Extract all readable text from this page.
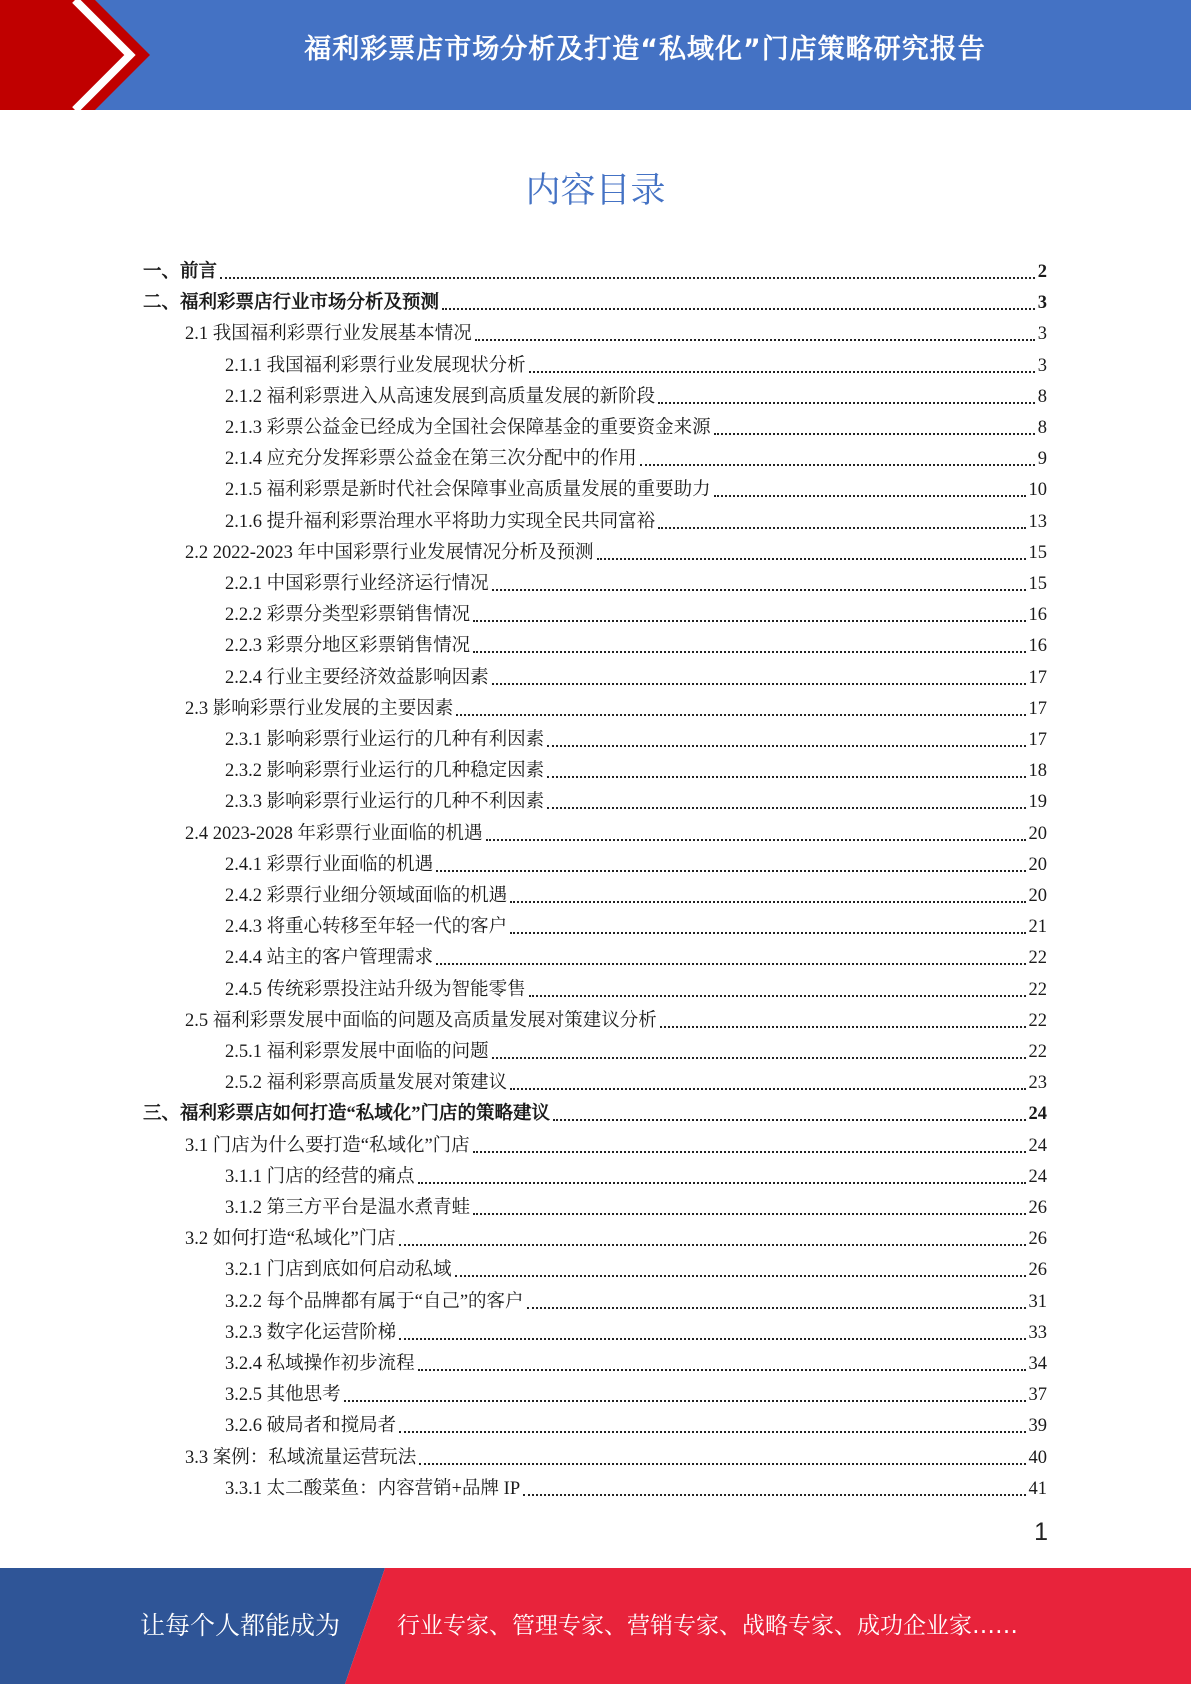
福利彩票店市场分析及打造“私域化”门店策略研究报告
内容目录
一、前言	2
二、福利彩票店行业市场分析及预测	3
2.1 我国福利彩票行业发展基本情况	3
2.1.1 我国福利彩票行业发展现状分析	3
2.1.2 福利彩票进入从高速发展到高质量发展的新阶段	8
2.1.3 彩票公益金已经成为全国社会保障基金的重要资金来源	8
2.1.4 应充分发挥彩票公益金在第三次分配中的作用	9
2.1.5 福利彩票是新时代社会保障事业高质量发展的重要助力	10
2.1.6 提升福利彩票治理水平将助力实现全民共同富裕	13
2.2 2022-2023 年中国彩票行业发展情况分析及预测	15
2.2.1 中国彩票行业经济运行情况	15
2.2.2 彩票分类型彩票销售情况	16
2.2.3 彩票分地区彩票销售情况	16
2.2.4 行业主要经济效益影响因素	17
2.3 影响彩票行业发展的主要因素	17
2.3.1 影响彩票行业运行的几种有利因素	17
2.3.2 影响彩票行业运行的几种稳定因素	18
2.3.3 影响彩票行业运行的几种不利因素	19
2.4 2023-2028 年彩票行业面临的机遇	20
2.4.1 彩票行业面临的机遇	20
2.4.2 彩票行业细分领域面临的机遇	20
2.4.3 将重心转移至年轻一代的客户	21
2.4.4 站主的客户管理需求	22
2.4.5 传统彩票投注站升级为智能零售	22
2.5 福利彩票发展中面临的问题及高质量发展对策建议分析	22
2.5.1 福利彩票发展中面临的问题	22
2.5.2 福利彩票高质量发展对策建议	23
三、福利彩票店如何打造“私域化”门店的策略建议	24
3.1 门店为什么要打造“私域化”门店	24
3.1.1 门店的经营的痛点	24
3.1.2 第三方平台是温水煮青蛙	26
3.2 如何打造“私域化”门店	26
3.2.1 门店到底如何启动私域	26
3.2.2 每个品牌都有属于“自己”的客户	31
3.2.3 数字化运营阶梯	33
3.2.4 私域操作初步流程	34
3.2.5 其他思考	37
3.2.6 破局者和搅局者	39
3.3 案例：私域流量运营玩法	40
3.3.1 太二酸菜鱼：内容营销+品牌 IP	41
1
让每个人都能成为 行业专家、管理专家、营销专家、战略专家、成功企业家……
